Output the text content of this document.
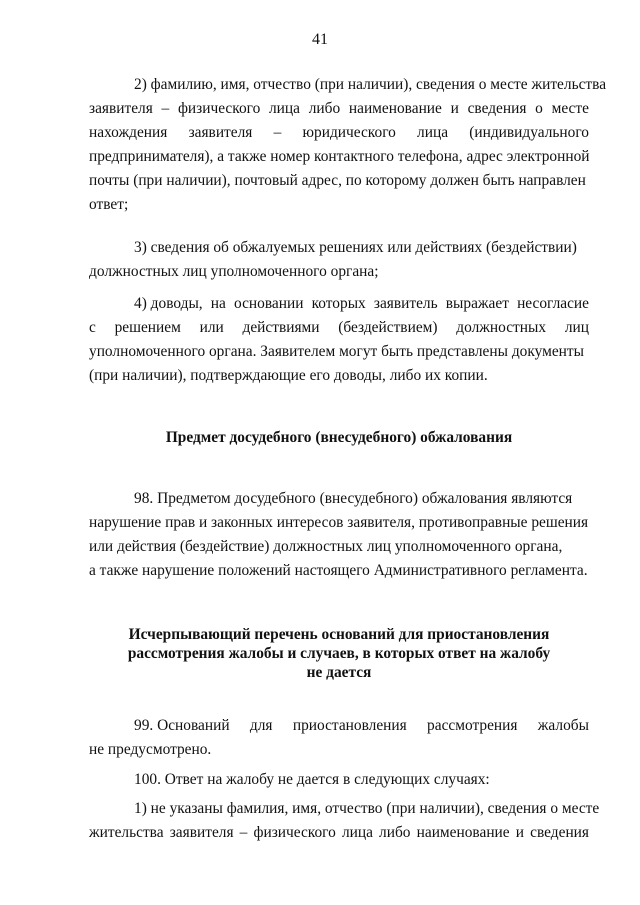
41
2) фамилию, имя, отчество (при наличии), сведения о месте жительства
заявителя – физического лица либо наименование и сведения о месте
нахождения заявителя – юридического лица (индивидуального
предпринимателя), а также номер контактного телефона, адрес электронной
почты (при наличии), почтовый адрес, по которому должен быть направлен
ответ;
3) сведения об обжалуемых решениях или действиях (бездействии)
должностных лиц уполномоченного органа;
4) доводы, на основании которых заявитель выражает несогласие
с решением или действиями (бездействием) должностных лиц
уполномоченного органа. Заявителем могут быть представлены документы
(при наличии), подтверждающие его доводы, либо их копии.
Предмет досудебного (внесудебного) обжалования
98. Предметом досудебного (внесудебного) обжалования являются
нарушение прав и законных интересов заявителя, противоправные решения
или действия (бездействие) должностных лиц уполномоченного органа,
а также нарушение положений настоящего Административного регламента.
Исчерпывающий перечень оснований для приостановления
рассмотрения жалобы и случаев, в которых ответ на жалобу
не дается
99. Оснований для приостановления рассмотрения жалобы
не предусмотрено.
100. Ответ на жалобу не дается в следующих случаях:
1) не указаны фамилия, имя, отчество (при наличии), сведения о месте
жительства заявителя – физического лица либо наименование и сведения
